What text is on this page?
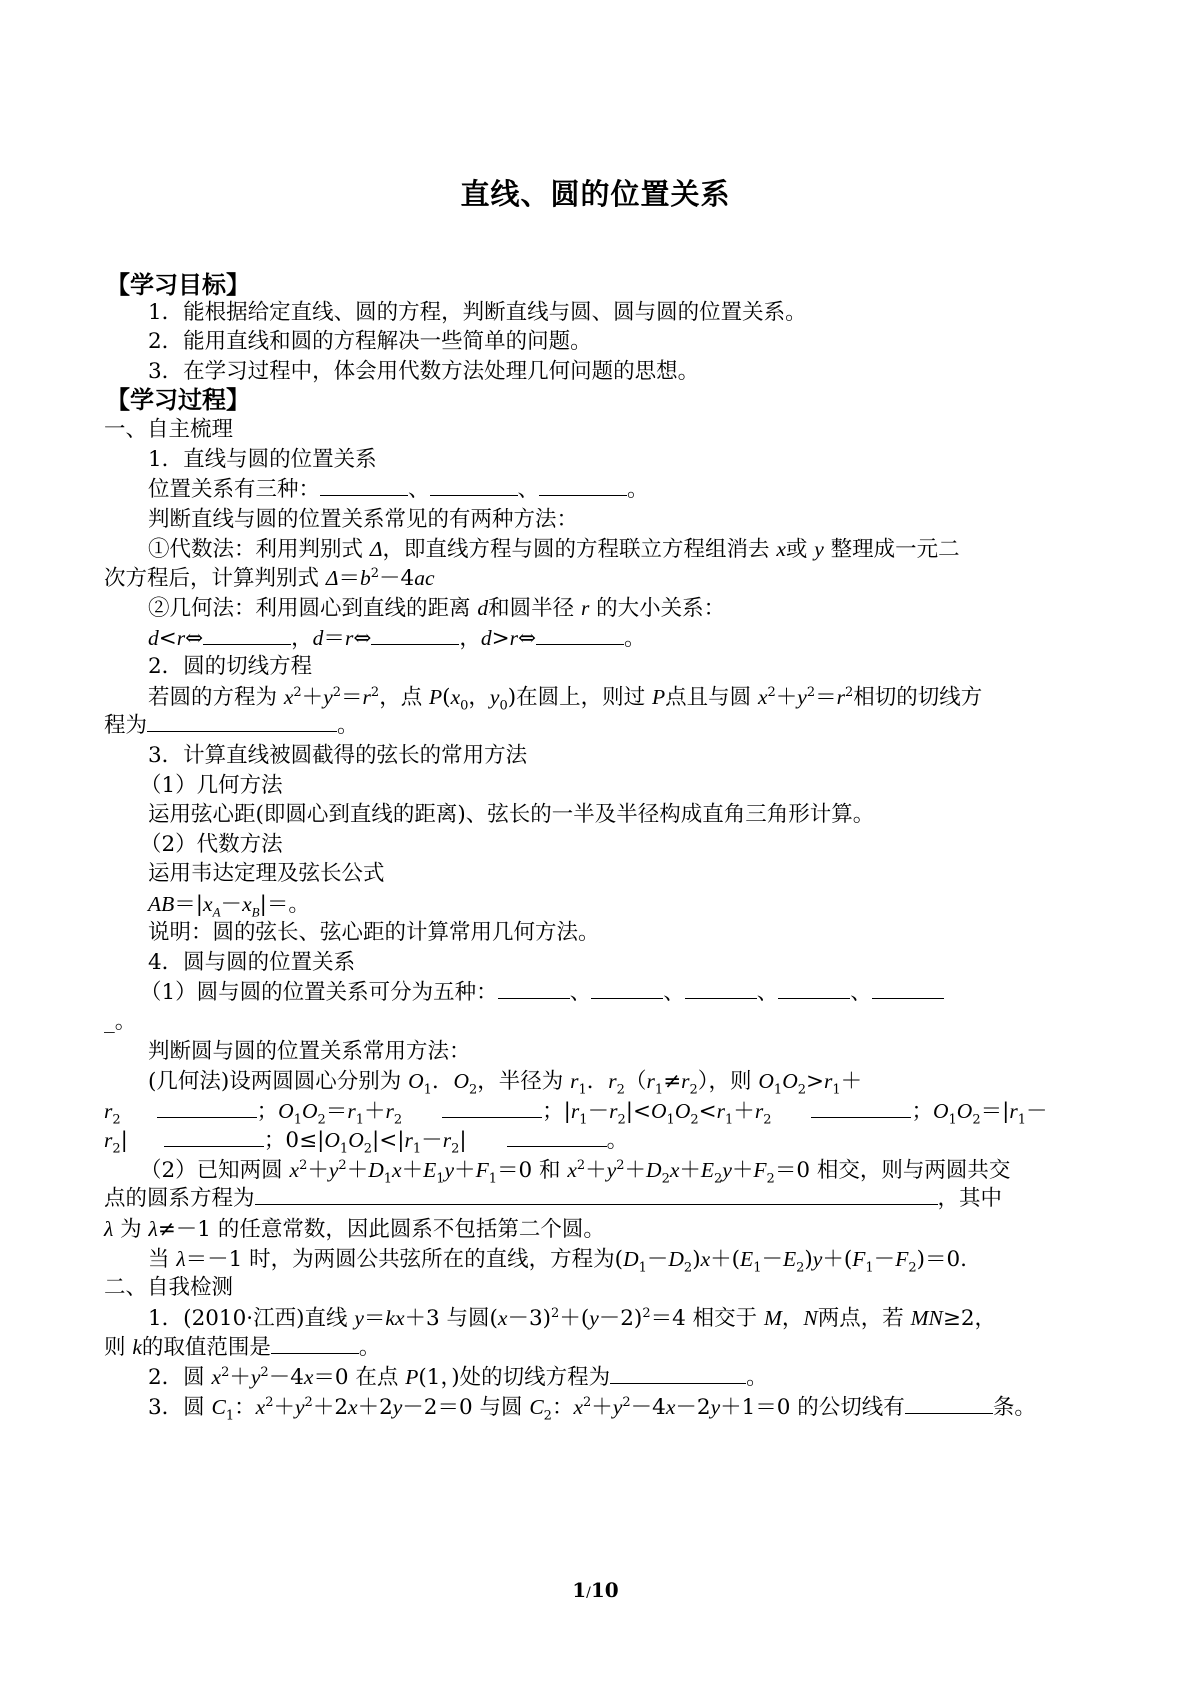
直线、圆的位置关系
【学习目标】
1．能根据给定直线、圆的方程，判断直线与圆、圆与圆的位置关系。
2．能用直线和圆的方程解决一些简单的问题。
3．在学习过程中，体会用代数方法处理几何问题的思想。
【学习过程】
一、自主梳理
1．直线与圆的位置关系
位置关系有三种：	、	、	。
判断直线与圆的位置关系常见的有两种方法：
①代数法：利用判别式 Δ，即直线方程与圆的方程联立方程组消去 x或 y 整理成一元二
次方程后，计算判别式 $\Delta=b^2-4ac$
②几何法：利用圆心到直线的距离 d和圆半径 r 的大小关系：
d<r⇔	，d＝r⇔	，d>r⇔	。
2．圆的切线方程
若圆的方程为 $x^2+y^2=r^2$，点 $P(x_0$，$y_0$)在圆上，则过 P点且与圆 $x^2+y^2=r^2$相切的切线方
程为	。
3．计算直线被圆截得的弦长的常用方法
（1）几何方法
运用弦心距(即圆心到直线的距离)、弦长的一半及半径构成直角三角形计算。
（2）代数方法
运用韦达定理及弦长公式
$AB=|x_A-x_B|=$。
说明：圆的弦长、弦心距的计算常用几何方法。
4．圆与圆的位置关系
（1）圆与圆的位置关系可分为五种：	、	、	、	、
_。
判断圆与圆的位置关系常用方法：
(几何法)设两圆圆心分别为 $O_1$．$O_2$，半径为 $r_1$．$r_2(r_1\ne r_2)$，则 $O_1O_2>r_1+$
$r_2$	；$O_1O_2=r_1+r_2$	；$|r_1-r_2|<O_1O_2<r_1+r_2$	；$O_1O_2=|r_1-$
$r_2|$	；$0\le|O_1O_2|<|r_1-r_2|$	。
（2）已知两圆 $x^2+y^2+D_1x+E_1y+F_1=0$ 和 $x^2+y^2+D_2x+E_2y+F_2=0$ 相交，则与两圆共交
点的圆系方程为	，其中
λ 为 λ≠－1 的任意常数，因此圆系不包括第二个圆。
当 λ＝－1 时，为两圆公共弦所在的直线，方程为$(D_1-D_2)x+(E_1-E_2)y+(F_1-F_2)=0$.
二、自我检测
1．(2010·江西)直线 y＝kx＋3 与圆$(x-3)^2+(y-2)^2=4$ 相交于 M，N两点，若 MN≥2，
则 k的取值范围是	。
2．圆 $x^2+y^2-4x=0$ 在点 P(1，)处的切线方程为	。
3．圆 $C_1$：$x^2+y^2+2x+2y-2=0$ 与圆 $C_2$：$x^2+y^2-4x-2y+1=0$ 的公切线有	条。
1/10
